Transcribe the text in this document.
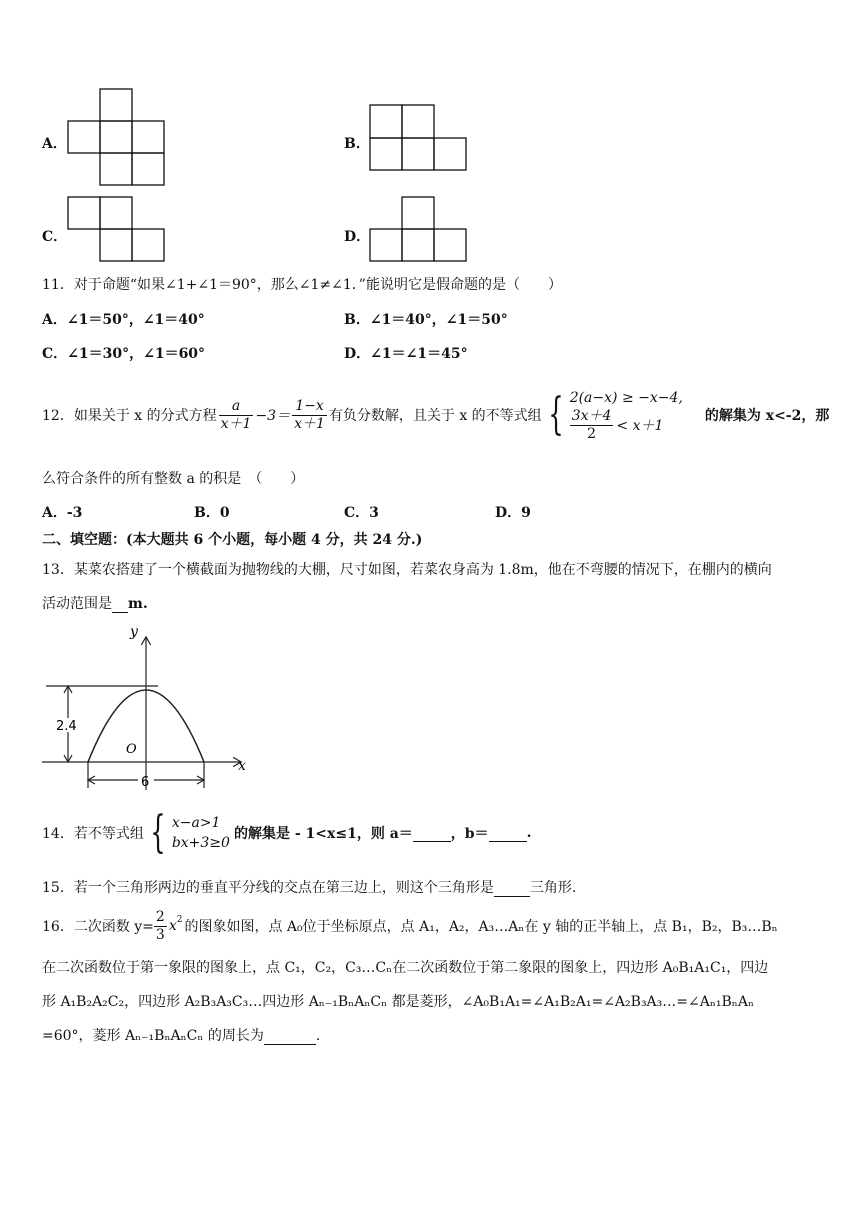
A．	B．
C．	D．
11．对于命题“如果∠1+∠1＝90°，那么∠1≠∠1．”能说明它是假命题的是（　　）
A．∠1＝50°，∠1＝40°	B．∠1＝40°，∠1＝50°
C．∠1＝30°，∠1＝60°	D．∠1＝∠1＝45°
12．如果关于 x 的分式方程 $\frac{a}{x+1} -3= \frac{1-x}{x+1}$ 有负分数解，且关于 x 的不等式组 { 2(a−x) ≥ −x−4,
$\frac{3x+4}{2} < x+1$
的解集为 x<-2，那
么符合条件的所有整数 a 的积是　（　　）
A．-3	B．0	C．3	D．9
二、填空题：(本大题共 6 个小题，每小题 4 分，共 24 分.)
13．某菜农搭建了一个横截面为抛物线的大棚，尺寸如图，若菜农身高为 1.8m，他在不弯腰的情况下，在棚内的横向
活动范围是 m.
y
x
O
2.4
6
14．若不等式组 { x−a>1
bx+3≥0
的解集是 - 1<x≤1，则 a＝
	，b＝
	.
15．若一个三角形两边的垂直平分线的交点在第三边上，则这个三角形是	三角形.
16．二次函数 $y= \frac{2}{3} x^2$ 的图象如图，点 A₀位于坐标原点，点 A₁，A₂，A₃…Aₙ在 y 轴的正半轴上，点 B₁，B₂，B₃…Bₙ
在二次函数位于第一象限的图象上，点 C₁，C₂，C₃…Cₙ在二次函数位于第二象限的图象上，四边形 A₀B₁A₁C₁，四边
形 A₁B₂A₂C₂，四边形 A₂B₃A₃C₃…四边形 Aₙ₋₁BₙAₙCₙ 都是菱形，∠A₀B₁A₁=∠A₁B₂A₁=∠A₂B₃A₃…=∠Aₙ₁BₙAₙ
=60°，菱形 Aₙ₋₁BₙAₙCₙ 的周长为	.
